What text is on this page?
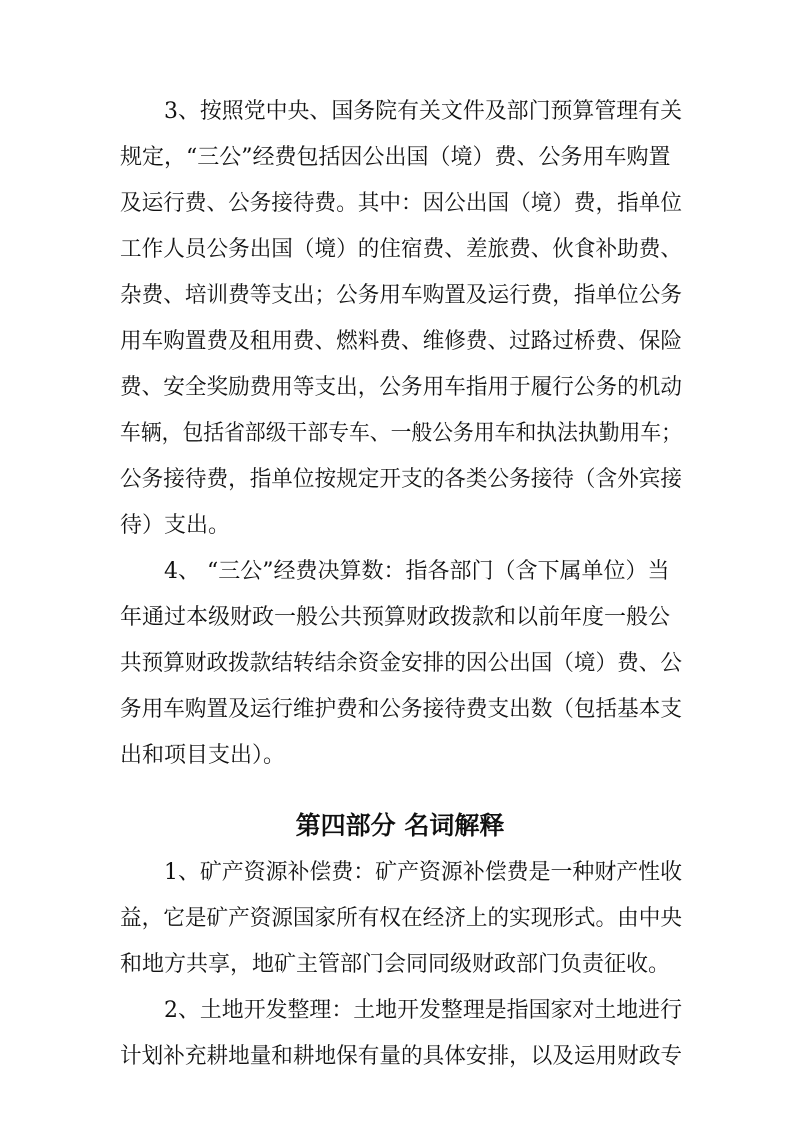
3、按照党中央、国务院有关文件及部门预算管理有关
规定，“三公”经费包括因公出国（境）费、公务用车购置
及运行费、公务接待费。其中：因公出国（境）费，指单位
工作人员公务出国（境）的住宿费、差旅费、伙食补助费、
杂费、培训费等支出；公务用车购置及运行费，指单位公务
用车购置费及租用费、燃料费、维修费、过路过桥费、保险
费、安全奖励费用等支出，公务用车指用于履行公务的机动
车辆，包括省部级干部专车、一般公务用车和执法执勤用车；
公务接待费，指单位按规定开支的各类公务接待（含外宾接
待）支出。
4、 “三公”经费决算数：指各部门（含下属单位）当
年通过本级财政一般公共预算财政拨款和以前年度一般公
共预算财政拨款结转结余资金安排的因公出国（境）费、公
务用车购置及运行维护费和公务接待费支出数（包括基本支
出和项目支出）。
第四部分 名词解释
1、矿产资源补偿费：矿产资源补偿费是一种财产性收
益，它是矿产资源国家所有权在经济上的实现形式。由中央
和地方共享，地矿主管部门会同同级财政部门负责征收。
2、土地开发整理：土地开发整理是指国家对土地进行
计划补充耕地量和耕地保有量的具体安排，以及运用财政专
